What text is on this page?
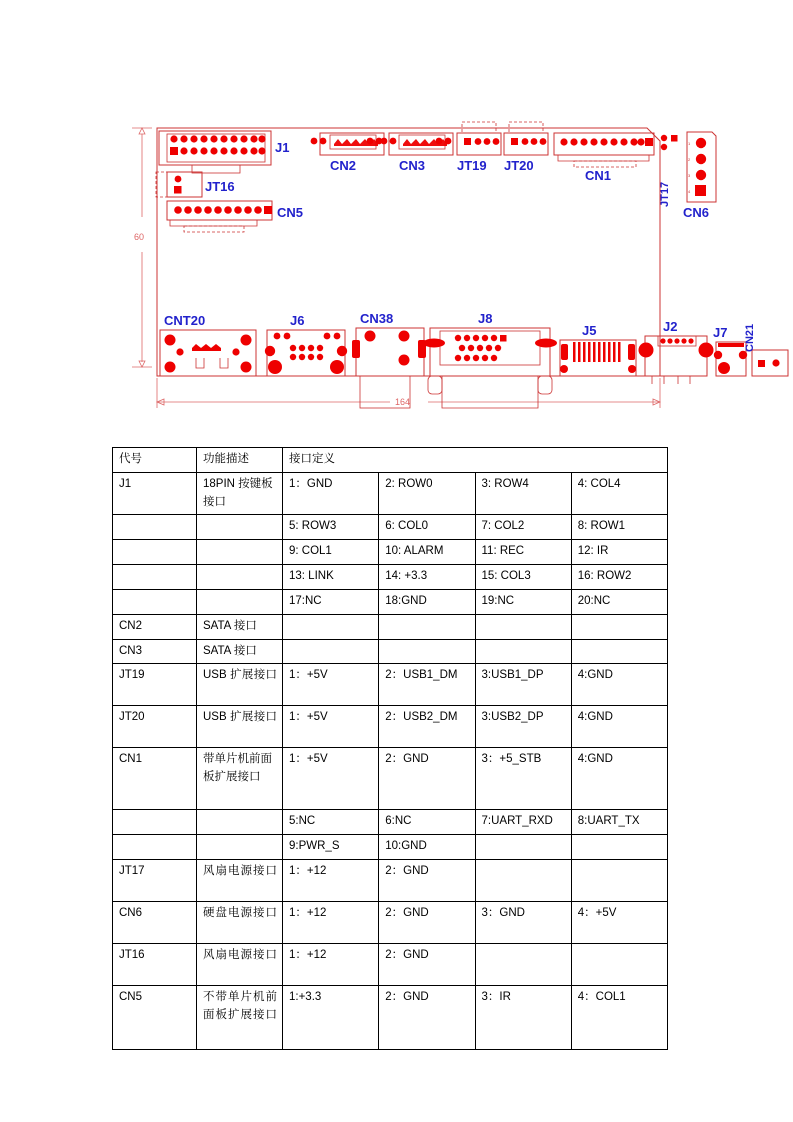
60
164
J1
JT16
CN5
CN2	CN3 JT19 JT20
CN1
JT17
1
2
3
4
CN6
CNT20	J6	CN38	J8
J5	J2	J7 CN21
代号	功能描述	接口定义			
J1	18PIN 按键板接口	1：GND	2: ROW0	3: ROW4	4: COL4
		5: ROW3	6: COL0	7: COL2	8: ROW1
		9: COL1	10: ALARM	11: REC	12: IR
		13: LINK	14: +3.3	15: COL3	16: ROW2
		17:NC	18:GND	19:NC	20:NC
CN2	SATA 接口				
CN3	SATA 接口				
JT19	USB 扩展接口	1：+5V	2：USB1_DM	3:USB1_DP	4:GND
JT20	USB 扩展接口	1：+5V	2：USB2_DM	3:USB2_DP	4:GND
CN1	带单片机前面板扩展接口	1：+5V	2：GND	3：+5_STB	4:GND
		5:NC	6:NC	7:UART_RXD	8:UART_TX
		9:PWR_S	10:GND		
JT17	风扇电源接口	1：+12	2：GND		
CN6	硬盘电源接口	1：+12	2：GND	3：GND	4：+5V
JT16	风扇电源接口	1：+12	2：GND		
CN5	不带单片机前面板扩展接口	1:+3.3	2：GND	3：IR	4：COL1
